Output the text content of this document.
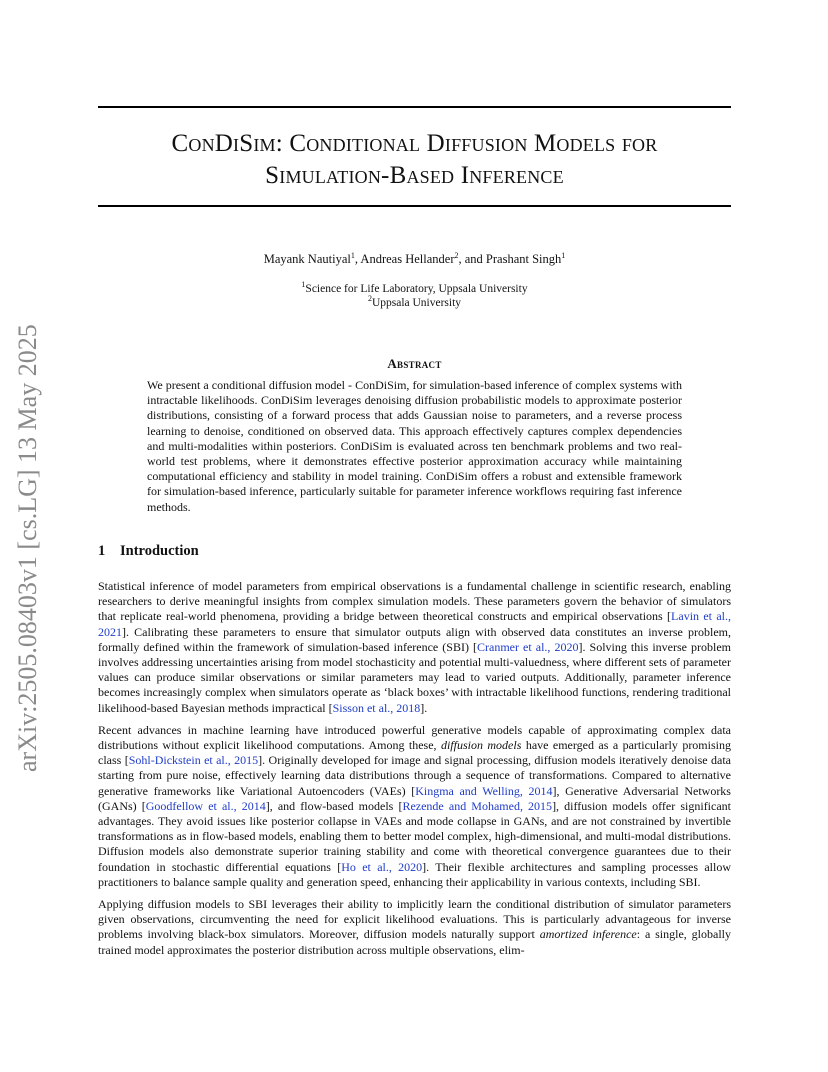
arXiv:2505.08403v1 [cs.LG] 13 May 2025
ConDiSim: Conditional Diffusion Models for
Simulation-Based Inference
Mayank Nautiyal$^1$, Andreas Hellander$^2$, and Prashant Singh$^1$
$^1$Science for Life Laboratory, Uppsala University
$^2$Uppsala University
Abstract
We present a conditional diffusion model - ConDiSim, for simulation-based inference of complex systems with intractable likelihoods. ConDiSim leverages denoising diffusion probabilistic models to approximate posterior distributions, consisting of a forward process that adds Gaussian noise to parameters, and a reverse process learning to denoise, conditioned on observed data. This approach effectively captures complex dependencies and multi-modalities within posteriors. ConDiSim is evaluated across ten benchmark problems and two real-world test problems, where it demonstrates effective posterior approximation accuracy while maintaining computational efficiency and stability in model training. ConDiSim offers a robust and extensible framework for simulation-based inference, particularly suitable for parameter inference workflows requiring fast inference methods.
1 Introduction

Statistical inference of model parameters from empirical observations is a fundamental challenge in scientific research, enabling researchers to derive meaningful insights from complex simulation models. These parameters govern the behavior of simulators that replicate real-world phenomena, providing a bridge between theoretical constructs and empirical observations [Lavin et al., 2021]. Calibrating these parameters to ensure that simulator outputs align with observed data constitutes an inverse problem, formally defined within the framework of simulation-based inference (SBI) [Cranmer et al., 2020]. Solving this inverse problem involves addressing uncertainties arising from model stochasticity and potential multi-valuedness, where different sets of parameter values can produce similar observations or similar parameters may lead to varied outputs. Additionally, parameter inference becomes increasingly complex when simulators operate as ‘black boxes’ with intractable likelihood functions, rendering traditional likelihood-based Bayesian methods impractical [Sisson et al., 2018].

Recent advances in machine learning have introduced powerful generative models capable of approximating complex data distributions without explicit likelihood computations. Among these, diffusion models have emerged as a particularly promising class [Sohl-Dickstein et al., 2015]. Originally developed for image and signal processing, diffusion models iteratively denoise data starting from pure noise, effectively learning data distributions through a sequence of transformations. Compared to alternative generative frameworks like Variational Autoencoders (VAEs) [Kingma and Welling, 2014], Generative Adversarial Networks (GANs) [Goodfellow et al., 2014], and flow-based models [Rezende and Mohamed, 2015], diffusion models offer significant advantages. They avoid issues like posterior collapse in VAEs and mode collapse in GANs, and are not constrained by invertible transformations as in flow-based models, enabling them to better model complex, high-dimensional, and multi-modal distributions. Diffusion models also demonstrate superior training stability and come with theoretical convergence guarantees due to their foundation in stochastic differential equations [Ho et al., 2020]. Their flexible architectures and sampling processes allow practitioners to balance sample quality and generation speed, enhancing their applicability in various contexts, including SBI.

Applying diffusion models to SBI leverages their ability to implicitly learn the conditional distribution of simulator parameters given observations, circumventing the need for explicit likelihood evaluations. This is particularly advantageous for inverse problems involving black-box simulators. Moreover, diffusion models naturally support amortized inference: a single, globally trained model approximates the posterior distribution across multiple observations, elim-
